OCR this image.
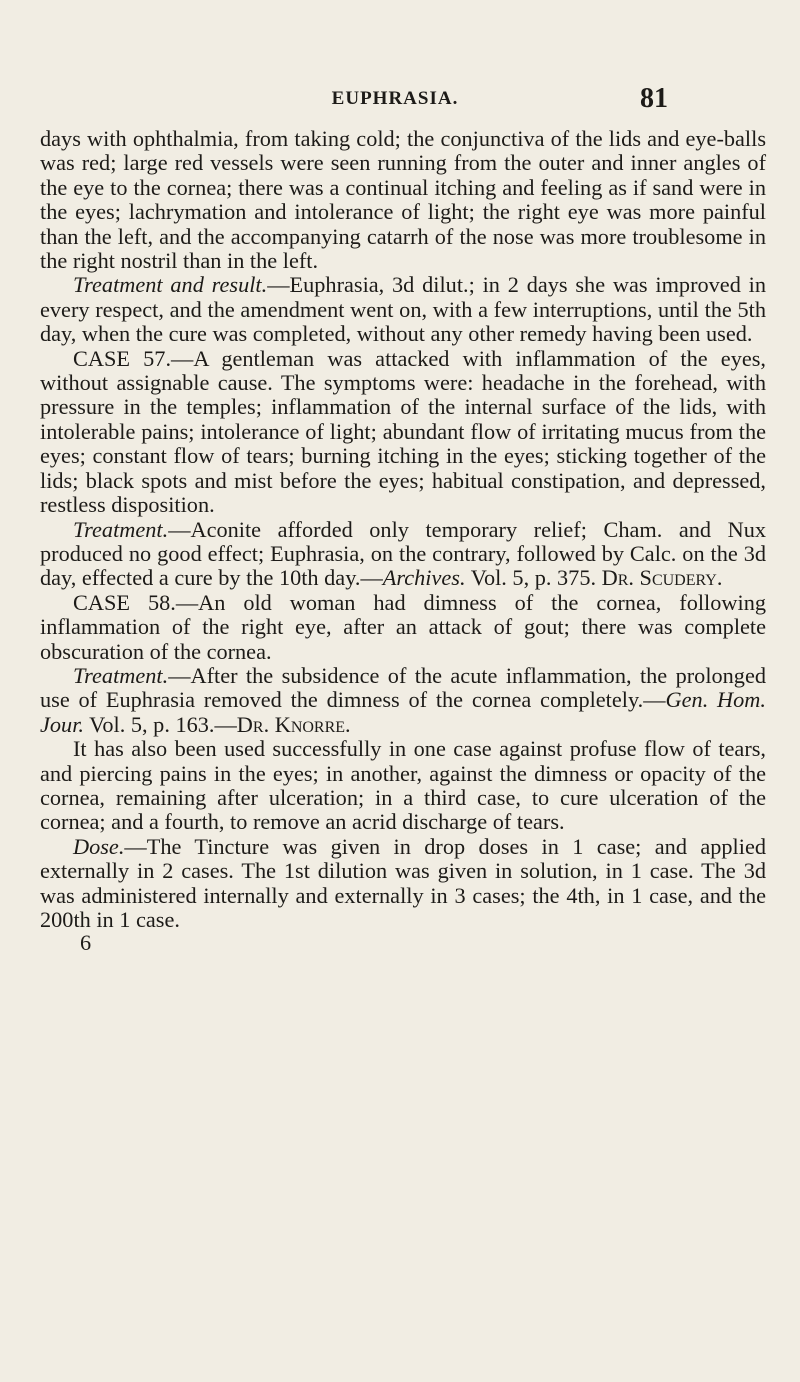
EUPHRASIA.	81

days with ophthalmia, from taking cold; the conjunctiva of the lids and eye-balls was red; large red vessels were seen running from the outer and inner angles of the eye to the cornea; there was a continual itching and feeling as if sand were in the eyes; lachrymation and intolerance of light; the right eye was more painful than the left, and the accompanying catarrh of the nose was more troublesome in the right nostril than in the left.

Treatment and result.—Euphrasia, 3d dilut.; in 2 days she was improved in every respect, and the amendment went on, with a few interruptions, until the 5th day, when the cure was completed, without any other remedy having been used.

CASE 57.—A gentleman was attacked with inflammation of the eyes, without assignable cause. The symptoms were: headache in the forehead, with pressure in the temples; inflammation of the internal surface of the lids, with intolerable pains; intolerance of light; abundant flow of irritating mucus from the eyes; constant flow of tears; burning itching in the eyes; sticking together of the lids; black spots and mist before the eyes; habitual constipation, and depressed, restless disposition.

Treatment.—Aconite afforded only temporary relief; Cham. and Nux produced no good effect; Euphrasia, on the contrary, followed by Calc. on the 3d day, effected a cure by the 10th day.—Archives. Vol. 5, p. 375. Dr. Scudery.

CASE 58.—An old woman had dimness of the cornea, following inflammation of the right eye, after an attack of gout; there was complete obscuration of the cornea.

Treatment.—After the subsidence of the acute inflammation, the prolonged use of Euphrasia removed the dimness of the cornea completely.—Gen. Hom. Jour. Vol. 5, p. 163.—Dr. Knorre.

It has also been used successfully in one case against profuse flow of tears, and piercing pains in the eyes; in another, against the dimness or opacity of the cornea, remaining after ulceration; in a third case, to cure ulceration of the cornea; and a fourth, to remove an acrid discharge of tears.

Dose.—The Tincture was given in drop doses in 1 case; and applied externally in 2 cases. The 1st dilution was given in solution, in 1 case. The 3d was administered internally and externally in 3 cases; the 4th, in 1 case, and the 200th in 1 case.

6
